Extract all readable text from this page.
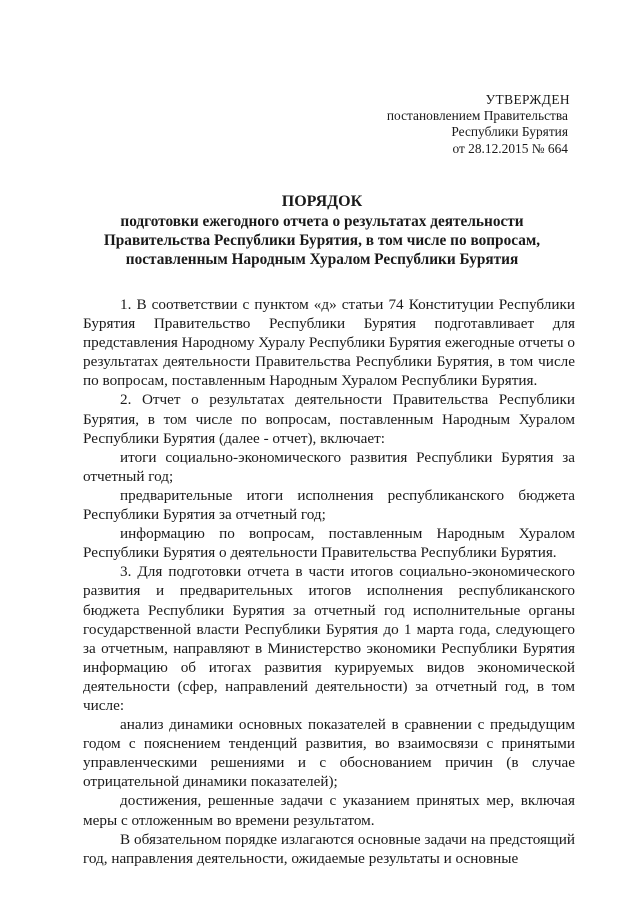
УТВЕРЖДЕН
постановлением Правительства
Республики Бурятия
от 28.12.2015 № 664
ПОРЯДОК
подготовки ежегодного отчета о результатах деятельности
Правительства Республики Бурятия, в том числе по вопросам,
поставленным Народным Хуралом Республики Бурятия

1. В соответствии с пунктом «д» статьи 74 Конституции Республики Бурятия Правительство Республики Бурятия подготавливает для представления Народному Хуралу Республики Бурятия ежегодные отчеты о результатах деятельности Правительства Республики Бурятия, в том числе по вопросам, поставленным Народным Хуралом Республики Бурятия.

2. Отчет о результатах деятельности Правительства Республики Бурятия, в том числе по вопросам, поставленным Народным Хуралом Республики Бурятия (далее - отчет), включает:

итоги социально-экономического развития Республики Бурятия за отчетный год;

предварительные итоги исполнения республиканского бюджета Республики Бурятия за отчетный год;

информацию по вопросам, поставленным Народным Хуралом Республики Бурятия о деятельности Правительства Республики Бурятия.

3. Для подготовки отчета в части итогов социально-экономического развития и предварительных итогов исполнения республиканского бюджета Республики Бурятия за отчетный год исполнительные органы государственной власти Республики Бурятия до 1 марта года, следующего за отчетным, направляют в Министерство экономики Республики Бурятия информацию об итогах развития курируемых видов экономической деятельности (сфер, направлений деятельности) за отчетный год, в том числе:

анализ динамики основных показателей в сравнении с предыдущим годом с пояснением тенденций развития, во взаимосвязи с принятыми управленческими решениями и с обоснованием причин (в случае отрицательной динамики показателей);

достижения, решенные задачи с указанием принятых мер, включая меры с отложенным во времени результатом.

В обязательном порядке излагаются основные задачи на предстоящий год, направления деятельности, ожидаемые результаты и основные
